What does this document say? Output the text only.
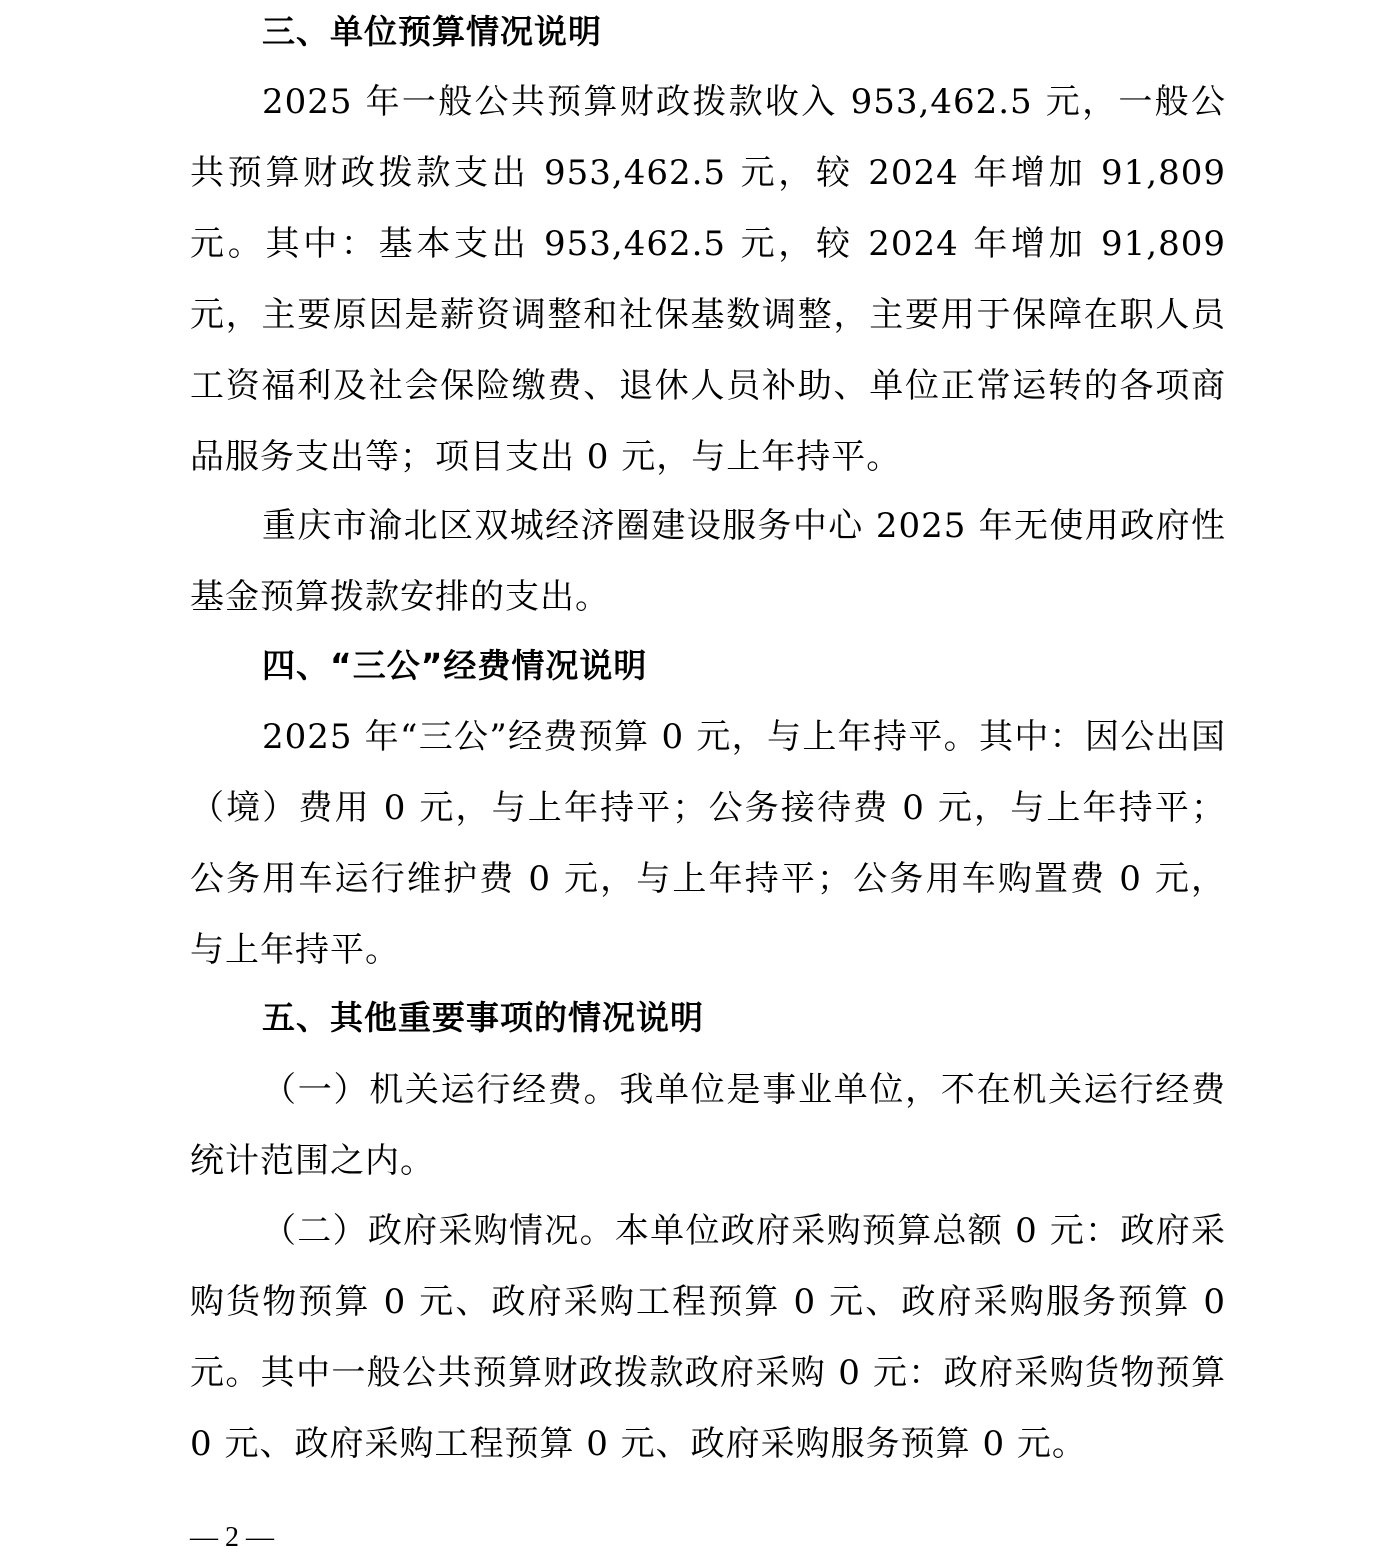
三、单位预算情况说明

2025 年一般公共预算财政拨款收入 953,462.5 元，一般公共预算财政拨款支出 953,462.5 元，较 2024 年增加 91,809 元。其中：基本支出 953,462.5 元，较 2024 年增加 91,809 元，主要原因是薪资调整和社保基数调整，主要用于保障在职人员工资福利及社会保险缴费、退休人员补助、单位正常运转的各项商品服务支出等；项目支出 0 元，与上年持平。

重庆市渝北区双城经济圈建设服务中心 2025 年无使用政府性基金预算拨款安排的支出。

四、“三公”经费情况说明

2025 年“三公”经费预算 0 元，与上年持平。其中：因公出国（境）费用 0 元，与上年持平；公务接待费 0 元，与上年持平；公务用车运行维护费 0 元，与上年持平；公务用车购置费 0 元，与上年持平。

五、其他重要事项的情况说明

（一）机关运行经费。我单位是事业单位，不在机关运行经费统计范围之内。

（二）政府采购情况。本单位政府采购预算总额 0 元：政府采购货物预算 0 元、政府采购工程预算 0 元、政府采购服务预算 0 元。其中一般公共预算财政拨款政府采购 0 元：政府采购货物预算 0 元、政府采购工程预算 0 元、政府采购服务预算 0 元。

— 2 —
